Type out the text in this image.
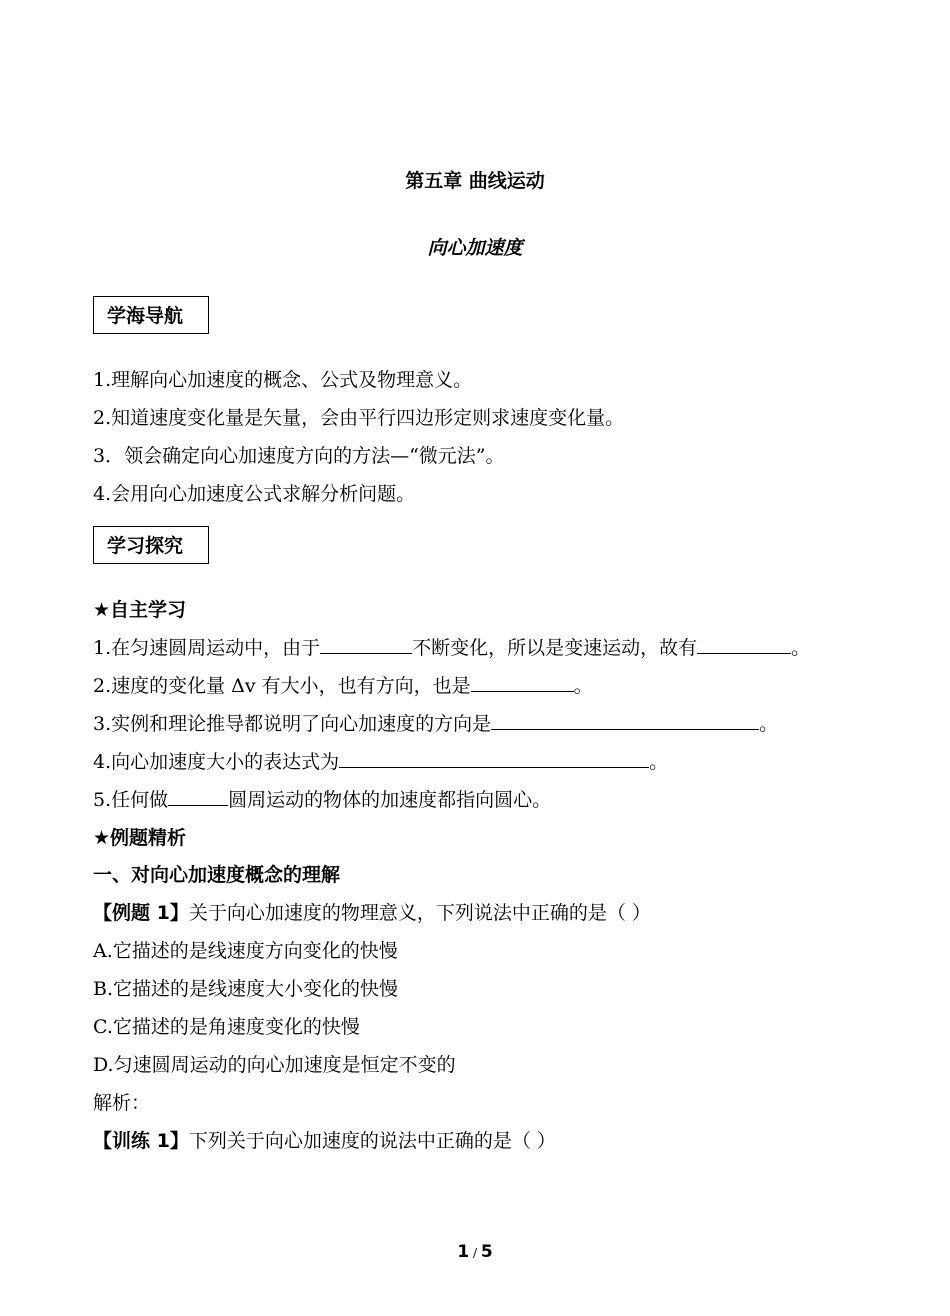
第五章 曲线运动
向心加速度
学海导航
1.理解向心加速度的概念、公式及物理意义。
2.知道速度变化量是矢量，会由平行四边形定则求速度变化量。
3．领会确定向心加速度方向的方法—“微元法”。
4.会用向心加速度公式求解分析问题。
学习探究
★自主学习
1.在匀速圆周运动中，由于	不断变化，所以是变速运动，故有	。
2.速度的变化量 Δv 有大小，也有方向，也是	。
3.实例和理论推导都说明了向心加速度的方向是	。
4.向心加速度大小的表达式为	。
5.任何做	圆周运动的物体的加速度都指向圆心。
★例题精析
一、对向心加速度概念的理解
【例题 1】关于向心加速度的物理意义，下列说法中正确的是（ ）
A.它描述的是线速度方向变化的快慢
B.它描述的是线速度大小变化的快慢
C.它描述的是角速度变化的快慢
D.匀速圆周运动的向心加速度是恒定不变的
解析：
【训练 1】下列关于向心加速度的说法中正确的是（ ）
1 / 5
